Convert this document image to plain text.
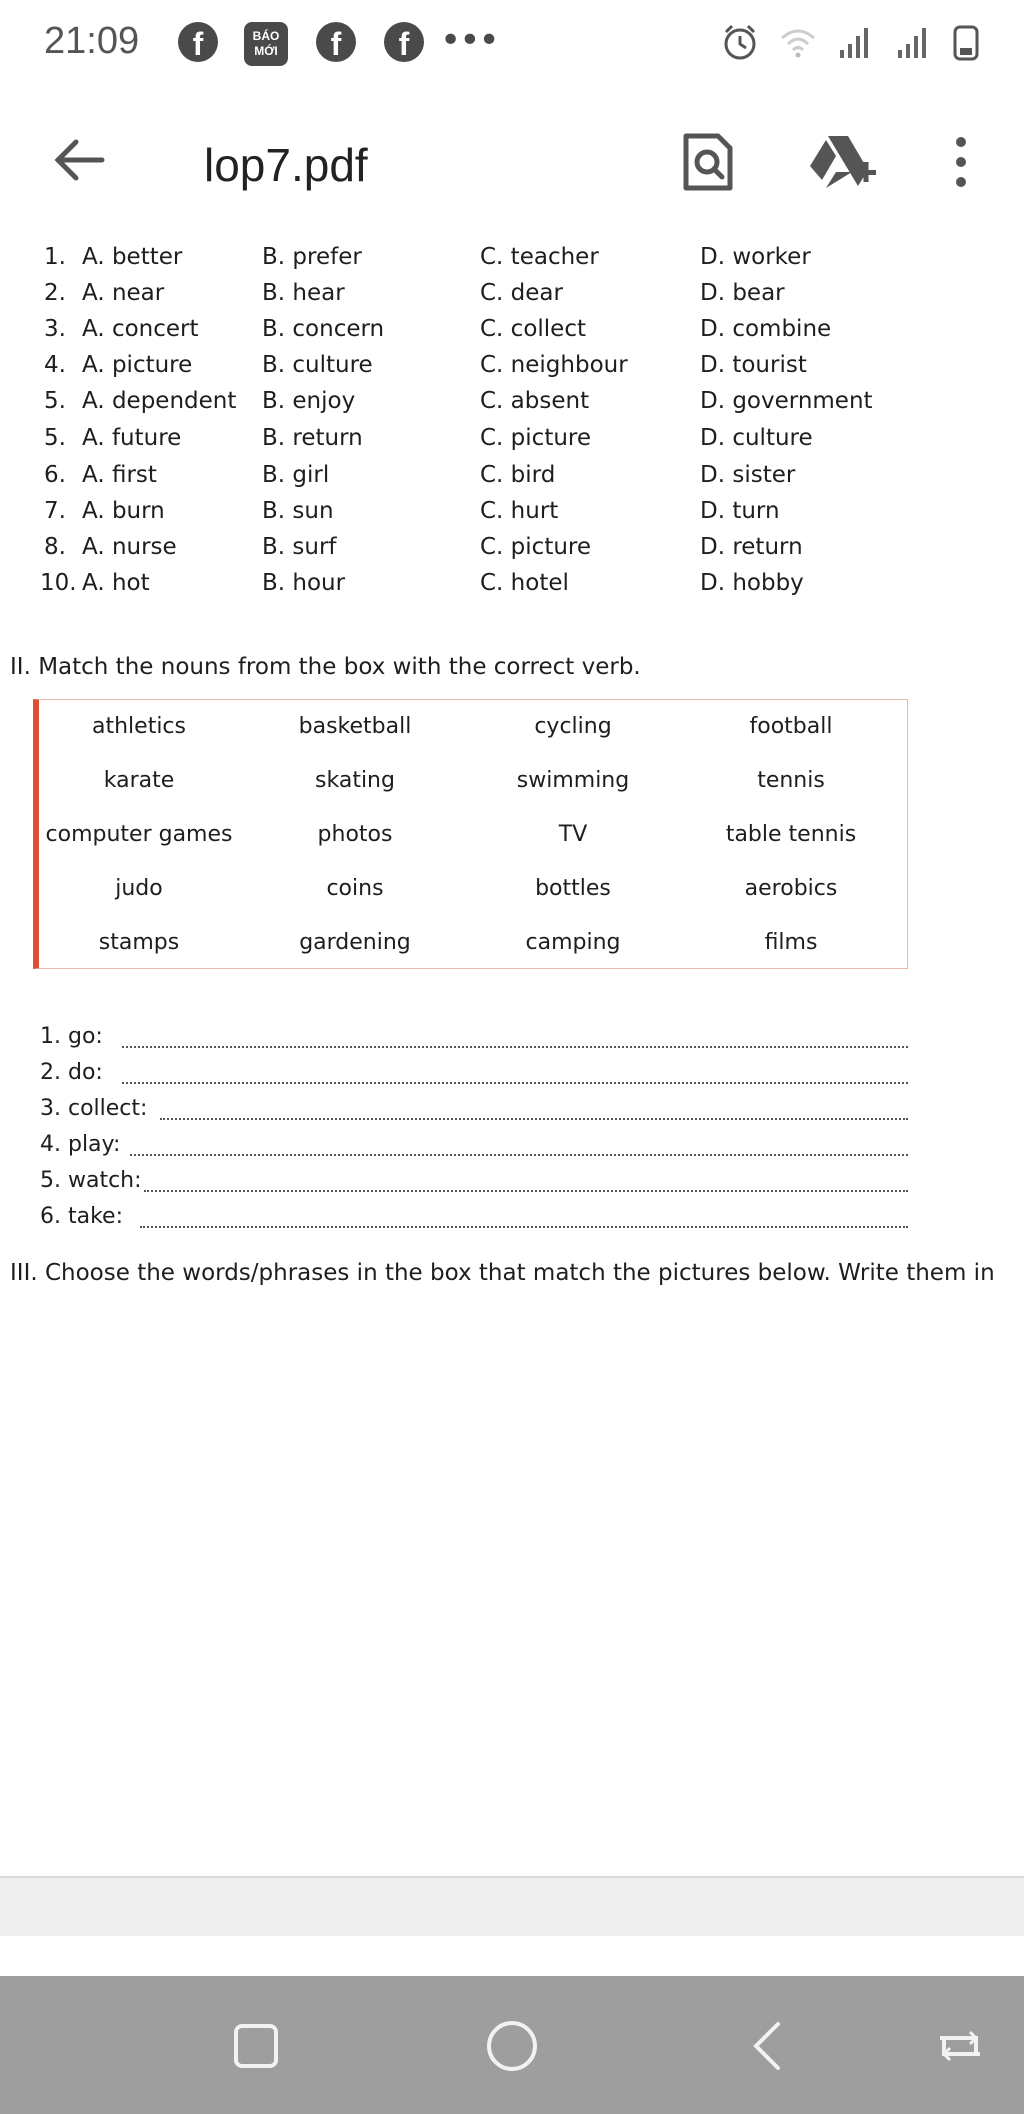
21:09	f	BÁO
MỚI	f	f •••
lop7.pdf
1. A. better	B. prefer	C. teacher	D. worker
2. A. near	B. hear	C. dear	D. bear
3. A. concert	B. concern	C. collect	D. combine
4. A. picture	B. culture	C. neighbour	D. tourist
5. A. dependent B. enjoy	C. absent	D. government
5. A. future	B. return	C. picture	D. culture
6. A. first	B. girl	C. bird	D. sister
7. A. burn	B. sun	C. hurt	D. turn
8. A. nurse	B. surf	C. picture	D. return
10. A. hot	B. hour	C. hotel	D. hobby
II. Match the nouns from the box with the correct verb.
athletics	basketball	cycling	football
karate	skating	swimming	tennis
computer games	photos	TV	table tennis
judo	coins	bottles	aerobics
stamps	gardening	camping	films
1. go:
2. do:
3. collect:
4. play:
5. watch:
6. take:
III. Choose the words/phrases in the box that match the pictures below. Write them in
